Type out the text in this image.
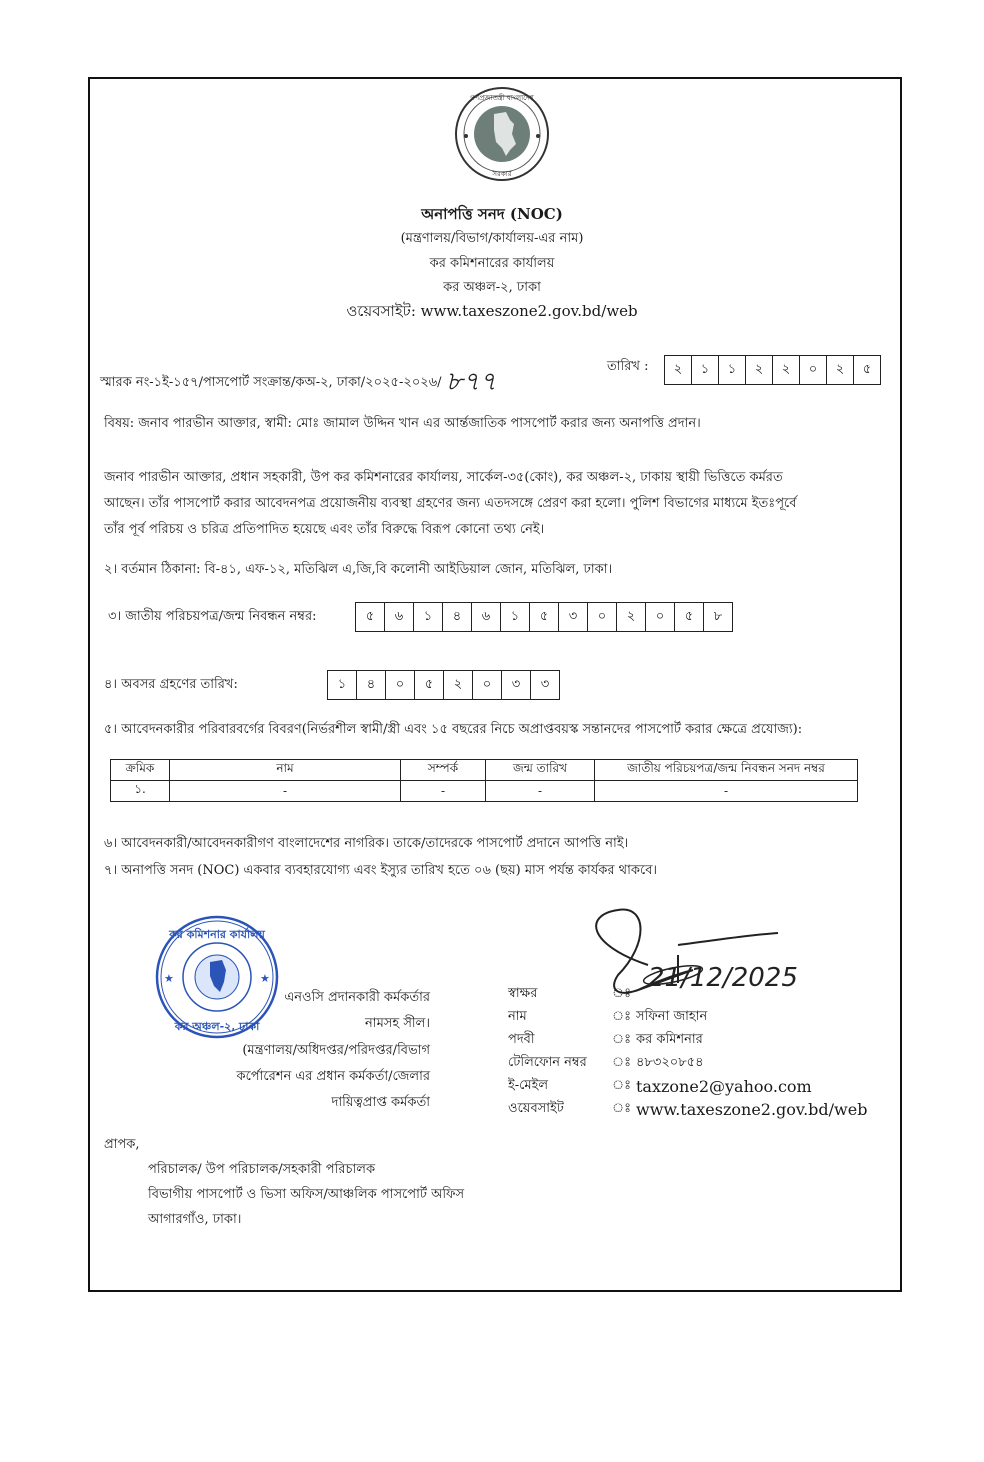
গণপ্রজাতন্ত্রী বাংলাদেশ
সরকার
অনাপত্তি সনদ (NOC)
(মন্ত্রণালয়/বিভাগ/কার্যালয়-এর নাম)
কর কমিশনারের কার্যালয়
কর অঞ্চল-২, ঢাকা
ওয়েবসাইট: www.taxeszone2.gov.bd/web
স্মারক নং-১ই-১৫৭/পাসপোর্ট সংক্রান্ত/কঅ-২, ঢাকা/২০২৫-২০২৬/ ৮৭৭
তারিখ :	২	১	১	২	২	০	২	৫
বিষয়: জনাব পারভীন আক্তার, স্বামী: মোঃ জামাল উদ্দিন খান এর আর্ন্তজাতিক পাসপোর্ট করার জন্য অনাপত্তি প্রদান।
জনাব পারভীন আক্তার, প্রধান সহকারী, উপ কর কমিশনারের কার্যালয়, সার্কেল-৩৫(কোং), কর অঞ্চল-২, ঢাকায় স্থায়ী ভিত্তিতে কর্মরত
আছেন। তাঁর পাসপোর্ট করার আবেদনপত্র প্রয়োজনীয় ব্যবস্থা গ্রহণের জন্য এতদসঙ্গে প্রেরণ করা হলো। পুলিশ বিভাগের মাধ্যমে ইতঃপূর্বে
তাঁর পূর্ব পরিচয় ও চরিত্র প্রতিপাদিত হয়েছে এবং তাঁর বিরুদ্ধে বিরূপ কোনো তথ্য নেই।
২। বর্তমান ঠিকানা: বি-৪১, এফ-১২, মতিঝিল এ,জি,বি কলোনী আইডিয়াল জোন, মতিঝিল, ঢাকা।
৩। জাতীয় পরিচয়পত্র/জন্ম নিবন্ধন নম্বর:	৫	৬	১	৪	৬	১	৫	৩	০	২	০	৫	৮
৪। অবসর গ্রহণের তারিখ:	১	৪	০	৫	২	০	৩	৩
৫। আবেদনকারীর পরিবারবর্গের বিবরণ(নির্ভরশীল স্বামী/স্ত্রী এবং ১৫ বছরের নিচে অপ্রাপ্তবয়স্ক সন্তানদের পাসপোর্ট করার ক্ষেত্রে প্রযোজ্য):
ক্রমিক	নাম	সম্পর্ক	জন্ম তারিখ	জাতীয় পরিচয়পত্র/জন্ম নিবন্ধন সনদ নম্বর
১.	-	-	-	-
৬। আবেদনকারী/আবেদনকারীগণ বাংলাদেশের নাগরিক। তাকে/তাদেরকে পাসপোর্ট প্রদানে আপত্তি নাই।
৭। অনাপত্তি সনদ (NOC) একবার ব্যবহারযোগ্য এবং ইস্যুর তারিখ হতে ০৬ (ছয়) মাস পর্যন্ত কার্যকর থাকবে।
কর কমিশনার কার্যালয়
কর অঞ্চল-২, ঢাকা
★	★
এনওসি প্রদানকারী কর্মকর্তার
নামসহ সীল।
(মন্ত্রণালয়/অধিদপ্তর/পরিদপ্তর/বিভাগ
কর্পোরেশন এর প্রধান কর্মকর্তা/জেলার
দায়িত্বপ্রাপ্ত কর্মকর্তা
21/12/2025
স্বাক্ষর	ঃ
নাম	ঃ সফিনা জাহান
পদবী	ঃ কর কমিশনার
টেলিফোন নম্বর	ঃ ৪৮৩২০৮৫৪
ই-মেইল	ঃ taxzone2@yahoo.com
ওয়েবসাইট	ঃ www.taxeszone2.gov.bd/web
প্রাপক,
পরিচালক/ উপ পরিচালক/সহকারী পরিচালক
বিভাগীয় পাসপোর্ট ও ভিসা অফিস/আঞ্চলিক পাসপোর্ট অফিস
আগারগাঁও, ঢাকা।
